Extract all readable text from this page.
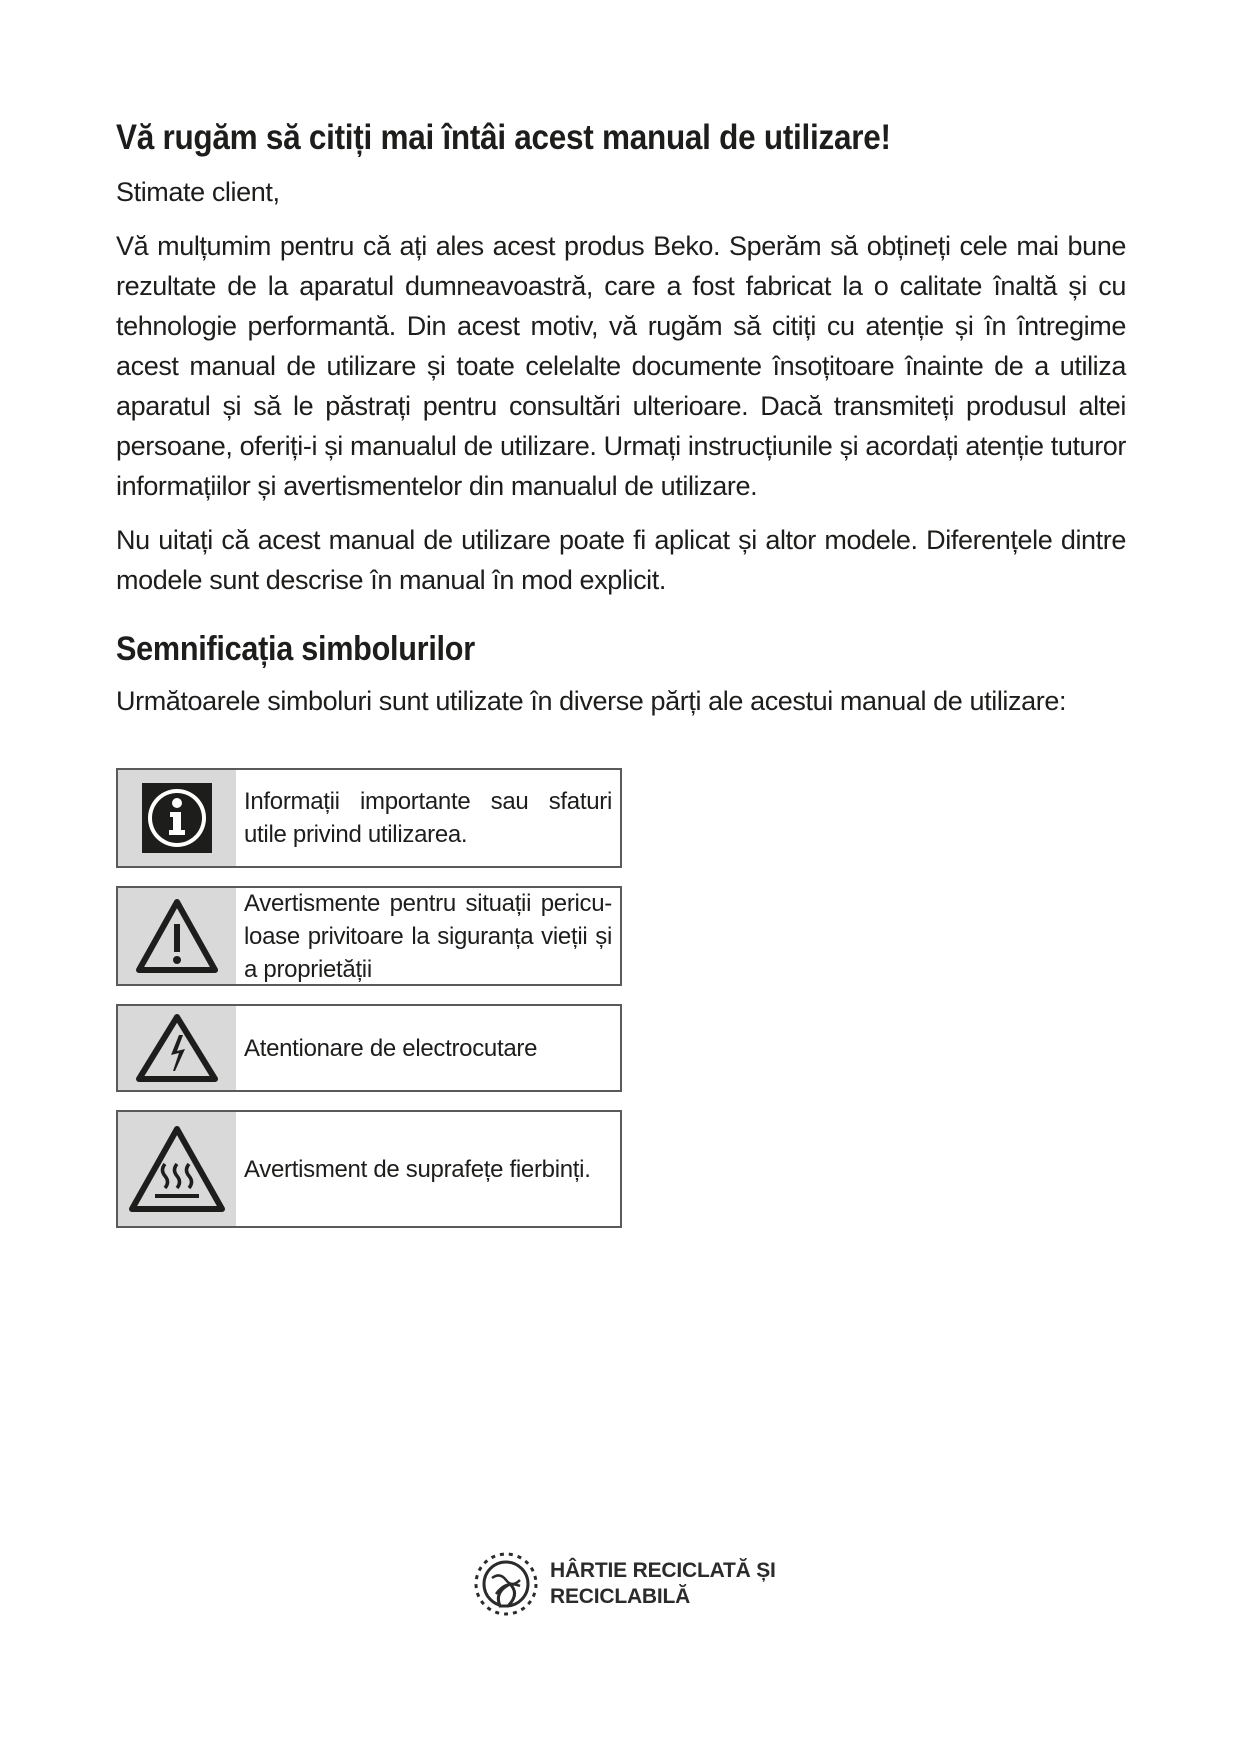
Vă rugăm să citiți mai întâi acest manual de utilizare!

Stimate client,

Vă mulțumim pentru că ați ales acest produs Beko. Sperăm să obțineți cele mai bune rezultate de la aparatul dumneavoastră, care a fost fabricat la o calitate înaltă și cu tehnologie performantă. Din acest motiv, vă rugăm să citiți cu atenție și în întregime acest manual de utilizare și toate celelalte documente însoțitoare înainte de a utiliza aparatul și să le păstrați pentru consultări ulterioare. Dacă transmiteți produsul altei persoane, oferiți-i și manualul de utilizare. Urmați instrucțiunile și acordați atenție tuturor informațiilor și avertismentelor din manualul de utilizare.

Nu uitați că acest manual de utilizare poate fi aplicat și altor modele. Diferențele dintre modele sunt descrise în manual în mod explicit.

Semnificația simbolurilor

Următoarele simboluri sunt utilizate în diverse părți ale acestui manual de utilizare:

Informații importante sau sfaturi utile privind utilizarea.
Avertismente pentru situații pericu-loase privitoare la siguranța vieții și a proprietății
Atentionare de electrocutare
Avertisment de suprafețe fierbinți.
HÂRTIE RECICLATĂ ȘI
RECICLABILĂ
